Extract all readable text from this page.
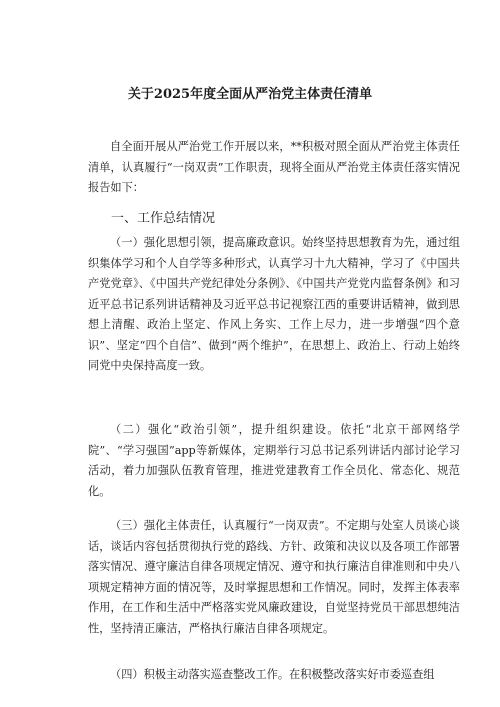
关于2025年度全面从严治党主体责任清单
自全面开展从严治党工作开展以来，**积极对照全面从严治党主体责任清单，认真履行“一岗双责”工作职责，现将全面从严治党主体责任落实情况报告如下：
一、工作总结情况
（一）强化思想引领，提高廉政意识。始终坚持思想教育为先，通过组织集体学习和个人自学等多种形式，认真学习十九大精神，学习了《中国共产党党章》、《中国共产党纪律处分条例》、《中国共产党党内监督条例》和习近平总书记系列讲话精神及习近平总书记视察江西的重要讲话精神，做到思想上清醒、政治上坚定、作风上务实、工作上尽力，进一步增强“四个意识”、坚定“四个自信”、做到“两个维护”，在思想上、政治上、行动上始终同党中央保持高度一致。
（二）强化“政治引领”，提升组织建设。依托“北京干部网络学院”、“学习强国”app等新媒体，定期举行习总书记系列讲话内部讨论学习活动，着力加强队伍教育管理，推进党建教育工作全员化、常态化、规范化。
（三）强化主体责任，认真履行“一岗双责”。不定期与处室人员谈心谈话，谈话内容包括贯彻执行党的路线、方针、政策和决议以及各项工作部署落实情况、遵守廉洁自律各项规定情况、遵守和执行廉洁自律准则和中央八项规定精神方面的情况等，及时掌握思想和工作情况。同时，发挥主体表率作用，在工作和生活中严格落实党风廉政建设，自觉坚持党员干部思想纯洁性，坚持清正廉洁，严格执行廉洁自律各项规定。
（四）积极主动落实巡查整改工作。在积极整改落实好市委巡查组
